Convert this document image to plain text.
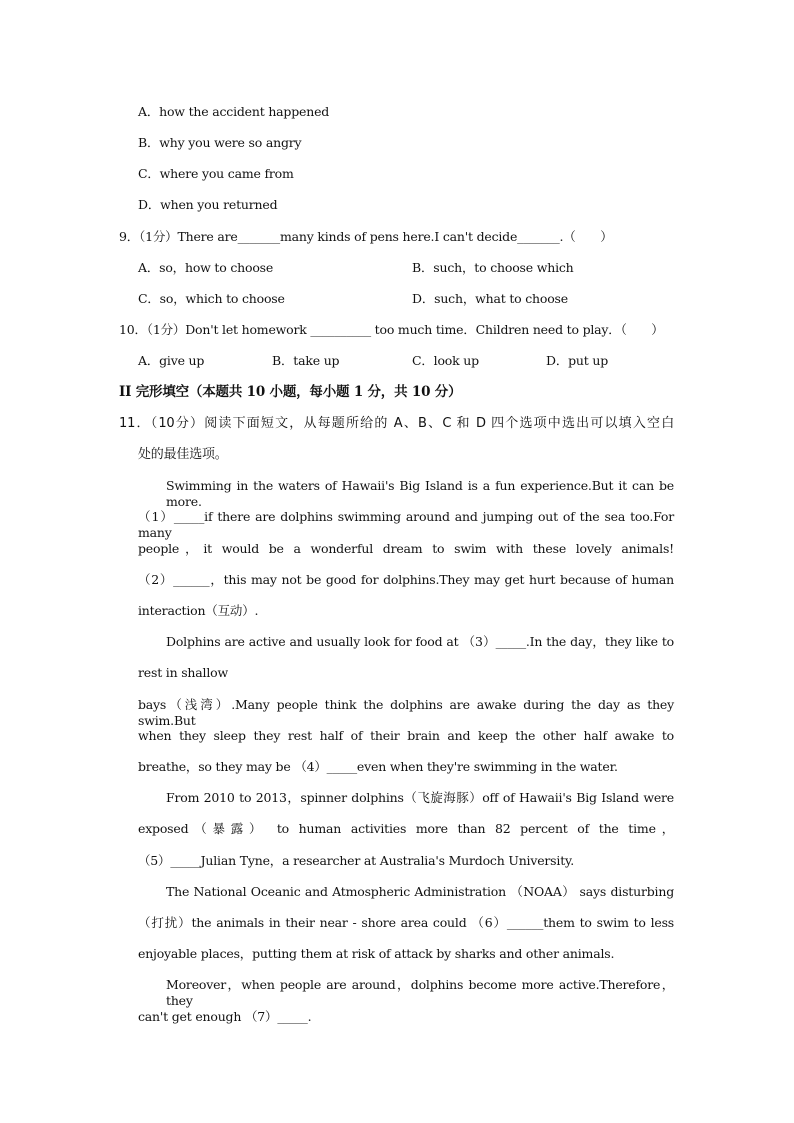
A．how the accident happened
B．why you were so angry
C．where you came from
D．when you returned
9．（1分）There are_______many kinds of pens here.I can't decide_______.（　　）
A．so，how to choose	B．such，to choose which
C．so，which to choose	D．such，what to choose
10．（1分）Don't let homework __________ too much time．Children need to play．（　　）
A．give up	B．take up	C．look up	D．put up
II 完形填空（本题共 10 小题，每小题 1 分，共 10 分）
11．（10分）阅读下面短文，从每题所给的 A、B、C 和 D 四个选项中选出可以填入空白
处的最佳选项。
Swimming in the waters of Hawaii's Big Island is a fun experience.But it can be more.
（1）_____if there are dolphins swimming around and jumping out of the sea too.For many
people，it would be a wonderful dream to swim with these lovely animals!
（2）______，this may not be good for dolphins.They may get hurt because of human
interaction（互动）.
Dolphins are active and usually look for food at （3）_____.In the day，they like to
rest in shallow
bays（浅湾）.Many people think the dolphins are awake during the day as they swim.But
when they sleep they rest half of their brain and keep the other half awake to
breathe，so they may be （4）_____even when they're swimming in the water.
From 2010 to 2013，spinner dolphins（飞旋海豚）off of Hawaii's Big Island were
exposed（暴露） to human activities more than 82 percent of the time，
（5）_____Julian Tyne，a researcher at Australia's Murdoch University.
The National Oceanic and Atmospheric Administration （NOAA） says disturbing
（打扰）the animals in their near - shore area could （6）______them to swim to less
enjoyable places，putting them at risk of attack by sharks and other animals.
Moreover，when people are around，dolphins become more active.Therefore，they
can't get enough （7）_____.
